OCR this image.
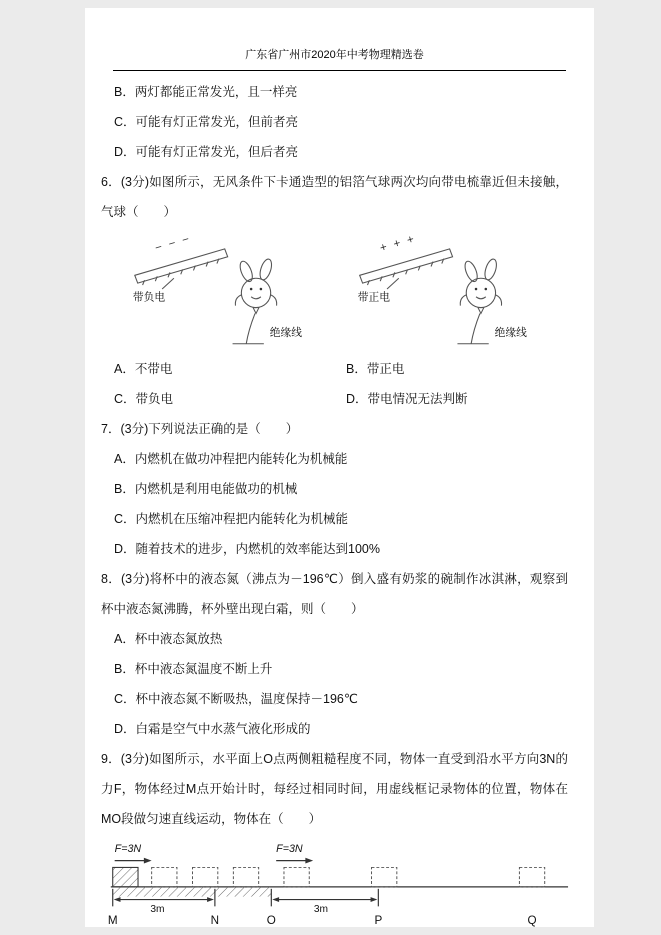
广东省广州市2020年中考物理精选卷

B．两灯都能正常发光，且一样亮

C．可能有灯正常发光，但前者亮

D．可能有灯正常发光，但后者亮

6．(3分)如图所示，无风条件下卡通造型的铝箔气球两次均向带电梳靠近但未接触，气球（　　）

− − −
带负电
绝缘线
+ + +
带正电
绝缘线
A．不带电	B．带正电
C．带负电	D．带电情况无法判断

7．(3分)下列说法正确的是（　　）

A．内燃机在做功冲程把内能转化为机械能

B．内燃机是利用电能做功的机械

C．内燃机在压缩冲程把内能转化为机械能

D．随着技术的进步，内燃机的效率能达到100%

8．(3分)将杯中的液态氮（沸点为－196℃）倒入盛有奶浆的碗制作冰淇淋，观察到杯中液态氮沸腾，杯外壁出现白霜，则（　　）

A．杯中液态氮放热

B．杯中液态氮温度不断上升

C．杯中液态氮不断吸热，温度保持－196℃

D．白霜是空气中水蒸气液化形成的

9．(3分)如图所示，水平面上O点两侧粗糙程度不同，物体一直受到沿水平方向3N的力F，物体经过M点开始计时，每经过相同时间，用虚线框记录物体的位置，物体在MO段做匀速直线运动，物体在（　　）

F=3N	F=3N
3m	3m
M	N	O	P	Q
